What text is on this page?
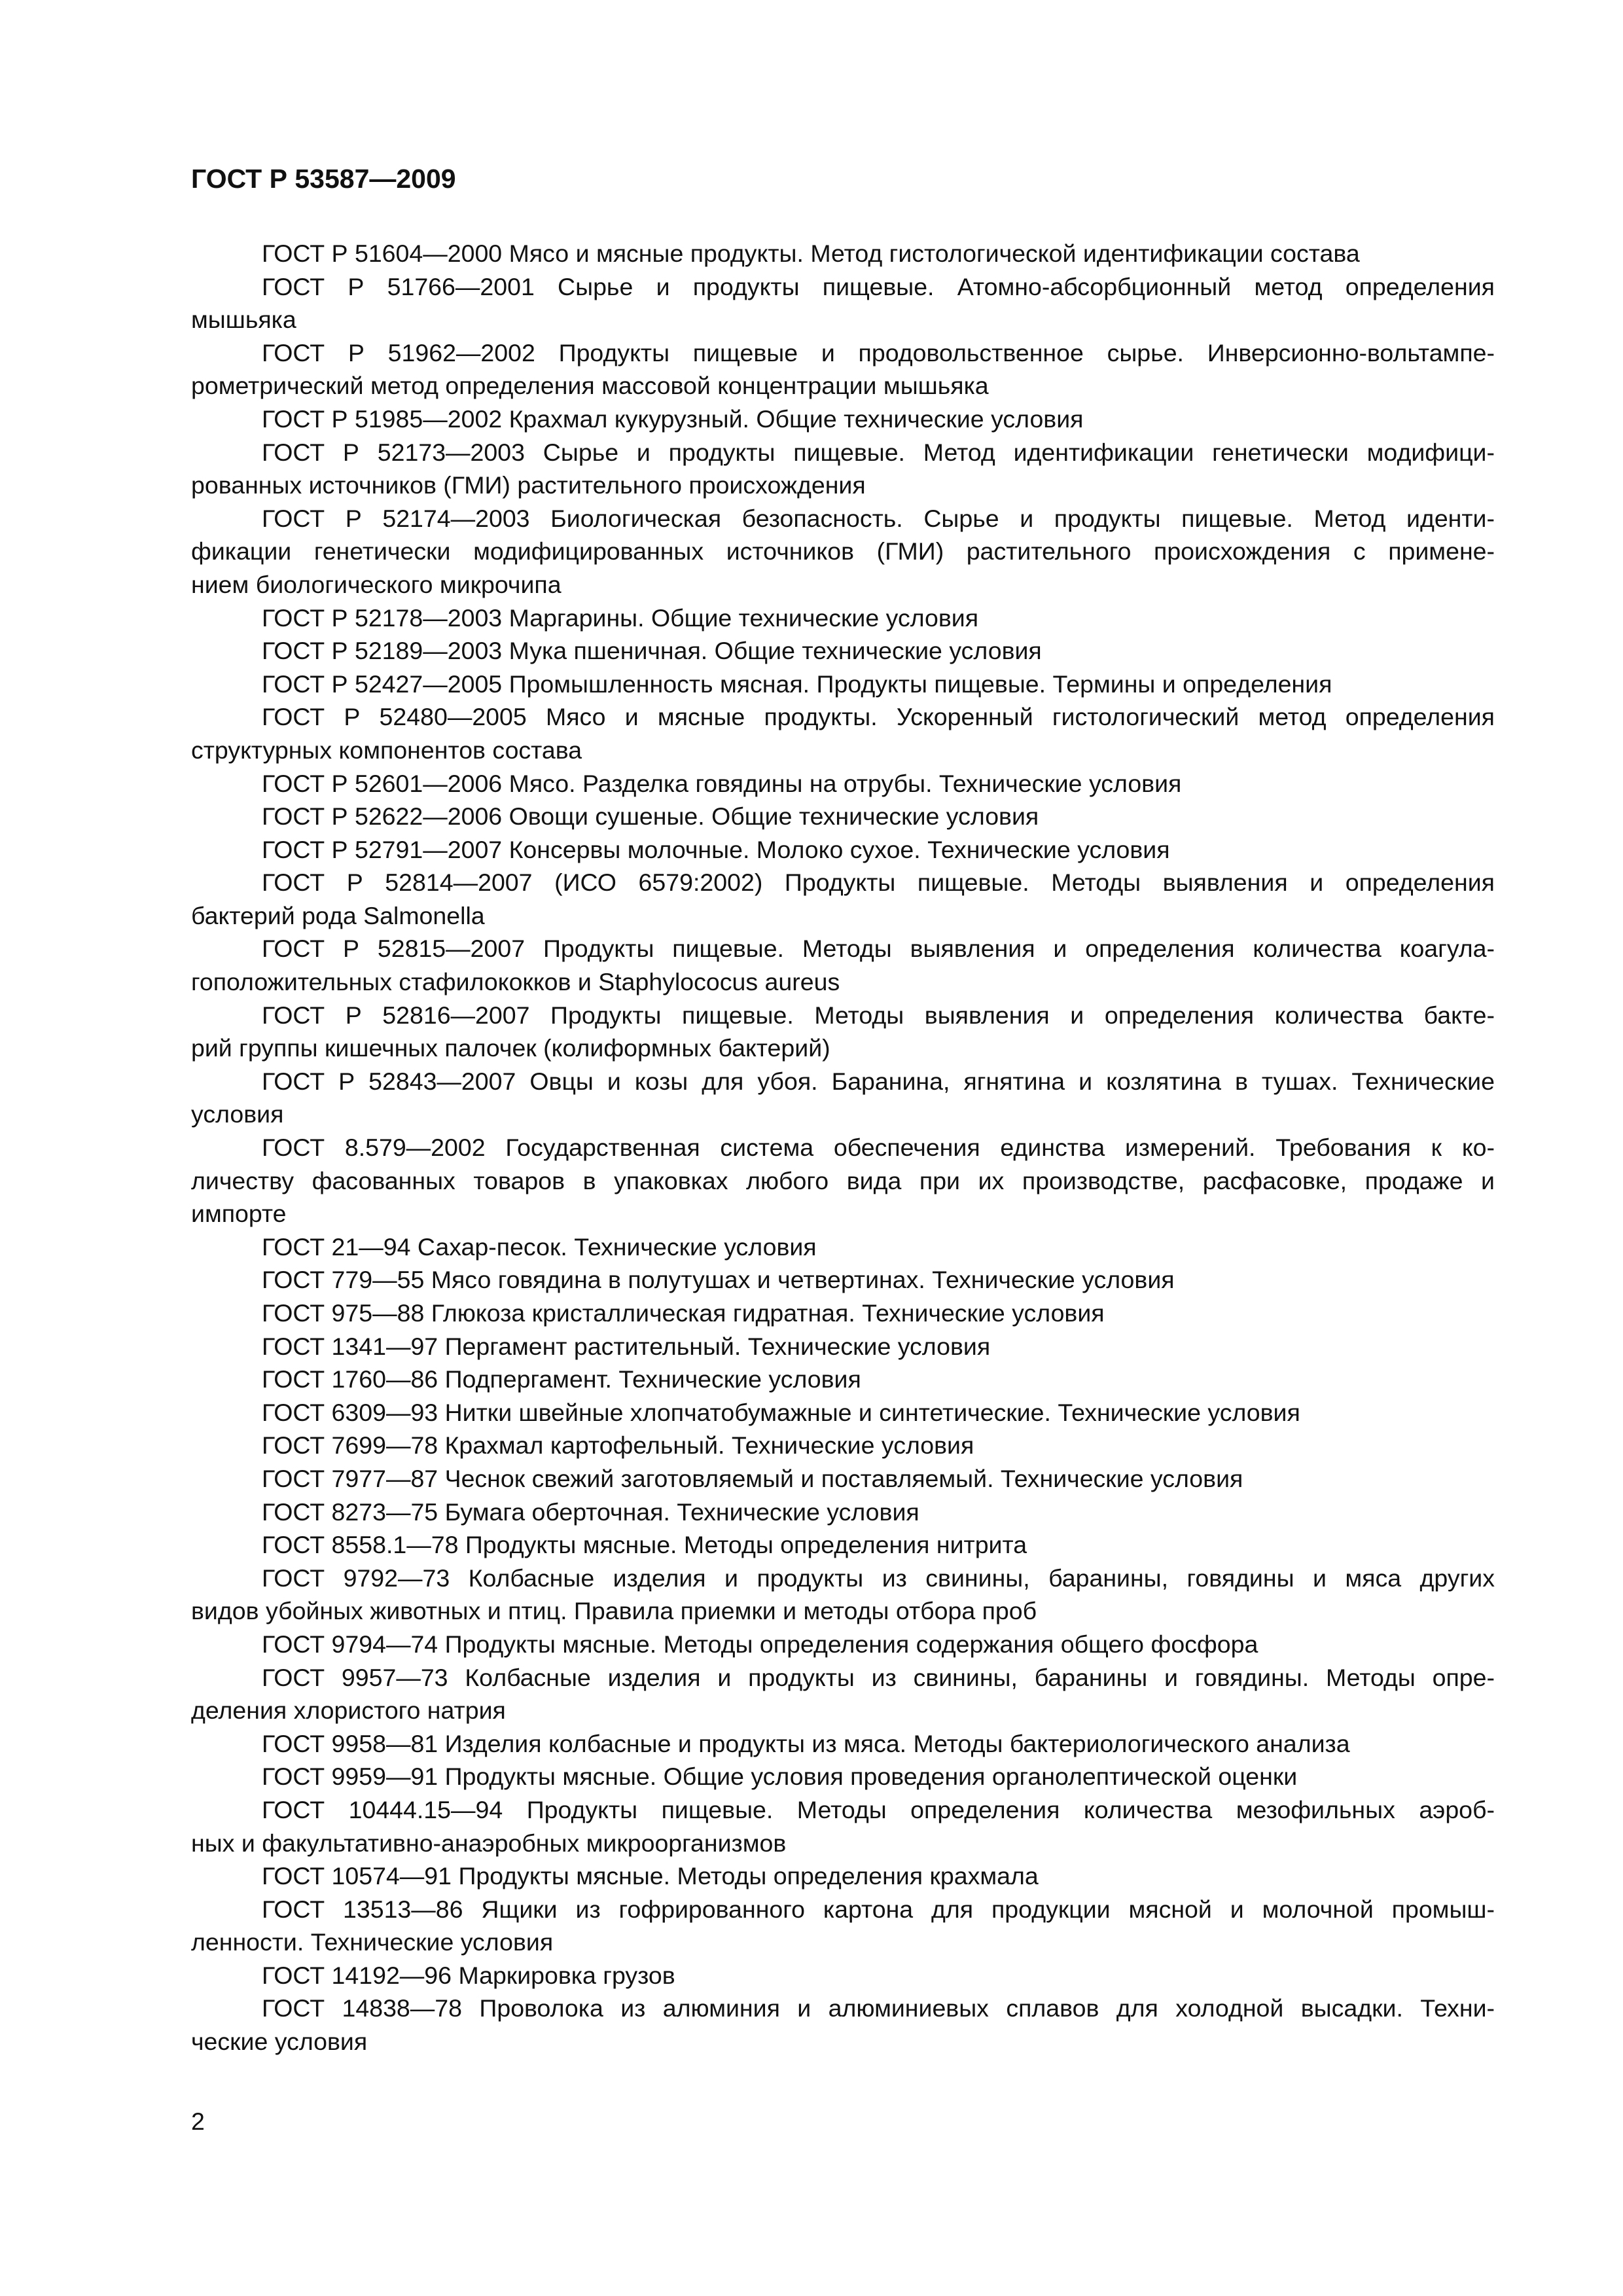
ГОСТ Р 53587—2009
ГОСТ Р 51604—2000 Мясо и мясные продукты. Метод гистологической идентификации состава
ГОСТ Р 51766—2001 Сырье и продукты пищевые. Атомно-абсорбционный метод определения
мышьяка
ГОСТ Р 51962—2002 Продукты пищевые и продовольственное сырье. Инверсионно-вольтампе-
рометрический метод определения массовой концентрации мышьяка
ГОСТ Р 51985—2002 Крахмал кукурузный. Общие технические условия
ГОСТ Р 52173—2003 Сырье и продукты пищевые. Метод идентификации генетически модифици-
рованных источников (ГМИ) растительного происхождения
ГОСТ Р 52174—2003 Биологическая безопасность. Сырье и продукты пищевые. Метод иденти-
фикации генетически модифицированных источников (ГМИ) растительного происхождения с примене-
нием биологического микрочипа
ГОСТ Р 52178—2003 Маргарины. Общие технические условия
ГОСТ Р 52189—2003 Мука пшеничная. Общие технические условия
ГОСТ Р 52427—2005 Промышленность мясная. Продукты пищевые. Термины и определения
ГОСТ Р 52480—2005 Мясо и мясные продукты. Ускоренный гистологический метод определения
структурных компонентов состава
ГОСТ Р 52601—2006 Мясо. Разделка говядины на отрубы. Технические условия
ГОСТ Р 52622—2006 Овощи сушеные. Общие технические условия
ГОСТ Р 52791—2007 Консервы молочные. Молоко сухое. Технические условия
ГОСТ Р 52814—2007 (ИСО 6579:2002) Продукты пищевые. Методы выявления и определения
бактерий рода Salmonella
ГОСТ Р 52815—2007 Продукты пищевые. Методы выявления и определения количества коагула-
гоположительных стафилококков и Staphylococus aureus
ГОСТ Р 52816—2007 Продукты пищевые. Методы выявления и определения количества бакте-
рий группы кишечных палочек (колиформных бактерий)
ГОСТ Р 52843—2007 Овцы и козы для убоя. Баранина, ягнятина и козлятина в тушах. Технические
условия
ГОСТ 8.579—2002 Государственная система обеспечения единства измерений. Требования к ко-
личеству фасованных товаров в упаковках любого вида при их производстве, расфасовке, продаже и
импорте
ГОСТ 21—94 Сахар-песок. Технические условия
ГОСТ 779—55 Мясо говядина в полутушах и четвертинах. Технические условия
ГОСТ 975—88 Глюкоза кристаллическая гидратная. Технические условия
ГОСТ 1341—97 Пергамент растительный. Технические условия
ГОСТ 1760—86 Подпергамент. Технические условия
ГОСТ 6309—93 Нитки швейные хлопчатобумажные и синтетические. Технические условия
ГОСТ 7699—78 Крахмал картофельный. Технические условия
ГОСТ 7977—87 Чеснок свежий заготовляемый и поставляемый. Технические условия
ГОСТ 8273—75 Бумага оберточная. Технические условия
ГОСТ 8558.1—78 Продукты мясные. Методы определения нитрита
ГОСТ 9792—73 Колбасные изделия и продукты из свинины, баранины, говядины и мяса других
видов убойных животных и птиц. Правила приемки и методы отбора проб
ГОСТ 9794—74 Продукты мясные. Методы определения содержания общего фосфора
ГОСТ 9957—73 Колбасные изделия и продукты из свинины, баранины и говядины. Методы опре-
деления хлористого натрия
ГОСТ 9958—81 Изделия колбасные и продукты из мяса. Методы бактериологического анализа
ГОСТ 9959—91 Продукты мясные. Общие условия проведения органолептической оценки
ГОСТ 10444.15—94 Продукты пищевые. Методы определения количества мезофильных аэроб-
ных и факультативно-анаэробных микроорганизмов
ГОСТ 10574—91 Продукты мясные. Методы определения крахмала
ГОСТ 13513—86 Ящики из гофрированного картона для продукции мясной и молочной промыш-
ленности. Технические условия
ГОСТ 14192—96 Маркировка грузов
ГОСТ 14838—78 Проволока из алюминия и алюминиевых сплавов для холодной высадки. Техни-
ческие условия
2
